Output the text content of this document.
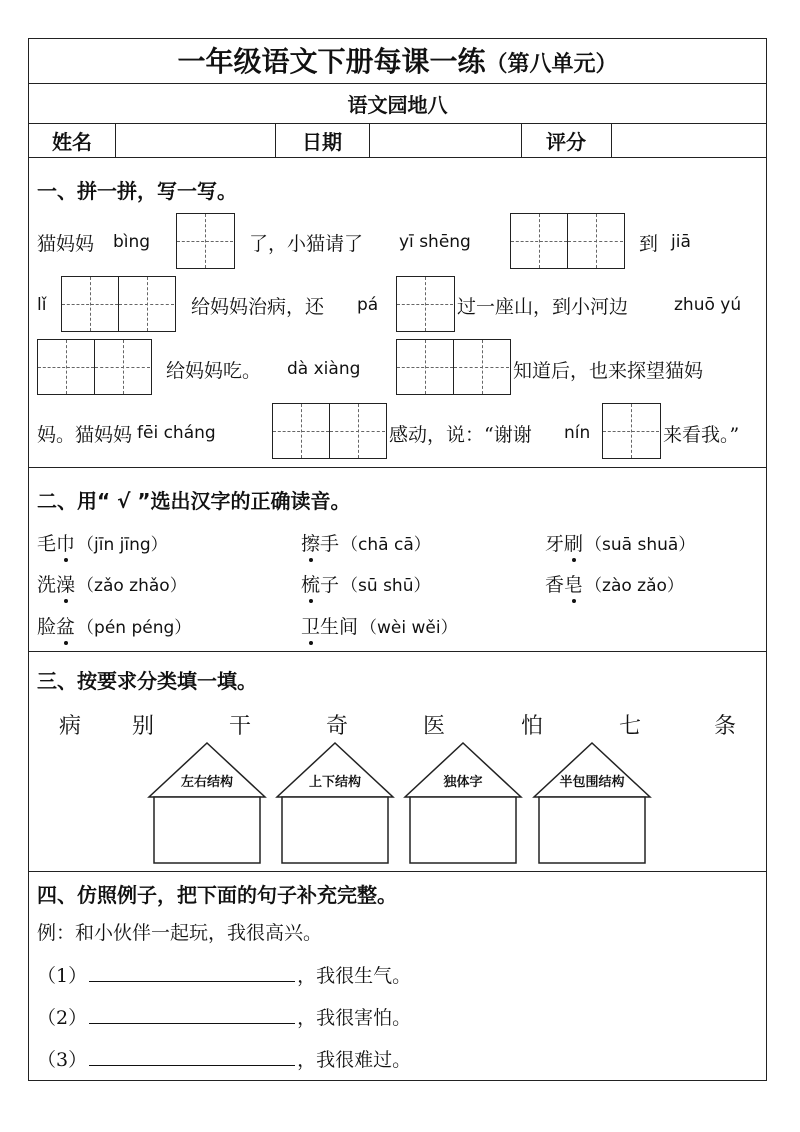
一年级语文下册每课一练（第八单元）
语文园地八
姓名	日期	评分
一、拼一拼，写一写。
猫妈妈 bìng	了，小猫请了 yī shēng	到 jiā
lǐ	给妈妈治病，还 pá	过一座山，到小河边	zhuō yú
给妈妈吃。 dà xiàng	知道后，也来探望猫妈
妈。猫妈妈 fēi cháng	感动，说：“谢谢 nín	来看我。”
二、用“ √ ”选出汉字的正确读音。
毛巾 （jīn jīng）	擦手 （chā cā）	牙刷 （suā shuā）
洗澡 （zǎo zhǎo）	梳子 （sū shū）	香皂 （zào zǎo）
脸盆 （pén péng）	卫生间 （wèi wěi）
三、按要求分类填一填。
病 别	干	奇	医	怕	七	条
左右结构	上下结构	独体字	半包围结构
四、仿照例子，把下面的句子补充完整。
例：和小伙伴一起玩，我很高兴。
（1）	，我很生气。
（2）	，我很害怕。
（3）	，我很难过。
